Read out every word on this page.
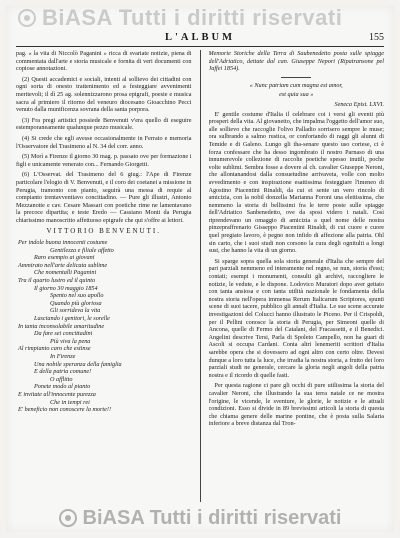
BiASA Tutti i diritti riservati
L'ALBUM	155

pag. « la vita di Niccolò Paganini » ricca di svariate notizie, piena di commentata dall'arte e storia musicale e fornita di veri documenti con copiose annotazioni.

(2) Questi accademici e sociali, intenti al sollievo dei cittadini con ogni sorta di onesto trattenimento ed a festeggiare avvenimenti meritevoli; il dì 25 ag. solennizzarono prosa epigrafi, poesie e musica sacra al primiero il ritorno del veneuro diocesano Gioacchino Pecci venuto dalla munificenza sovrana della santa porpora.

(3) Fra pregi artistici possiede Benvenuti v'era quello di eseguire estemporaneamente qualunque pezzo musicale.

(4) Si crede che egli avesse occasionalmente in Ferrato e memoria l'Osservatore del Trasimeno al N. 34 del corr. anno.

(5) Morì a Firenze il giorno 30 mag. p. passato ove per formazione i figli e unicamente venerato con... Fernando Giorgetti.

(6) L'Osservat. del Trasimeno del 6 giug.: l'Ape di Firenze particolare l'elogio di V. Benvenuti, e il coro dei coetanei a missione in Perugia, tramonto con pianto, seguirà una messa di requie al compianto trentavventiavo concittadino. — Pure gli illustri, Antonio Mezzanotte e cav. Cesare Massari con poetiche rime ne lamentavano la precoce dipartita; e teste Eredo — Cassiano Monti da Perugia chiarissimo manoscritto affettuoso epigrafe che qui s'offre ai lettori.

VITTORIO BENVENUTI.
Per indole buona innocenti costume
Gentilezza e filiale affetto
Raro esempio ai giovani
Ammirato nell'arte delicata sublime
Che nomentalli Paganini
Tra il quarto lustro ed il quinto
Il giorno 30 maggio 1854
Spento nel suo apollo
Quando più gloriosa
Gli sorrideva la vita
Lasciando i genitori, le sorelle
In tanta inconsolabile amaritudine
Da fare sei concittadini
Più viva la pena
Al rimpianto caro che estinse
In Firenze
Una nobile speranza della famiglia
E della patria comune!
O afflitto
Ponete modo al pianto
E invitate all'innocente purezza
Che in tempi rei
E' beneficio non conoscere la morte!!

Memorie Storiche della Terra di Saubenedetto posta sulle spiagge dell'Adriatico, dettate dal can. Giuseppe Nepori (Ripatransone pel Jaffei 1854).

« Nunc patriam cum magna est amor,
est quia sua »
Seneca Epist. LXVI.

E' gentile costume d'Italia il celebrare coi i versi gli eventi più prosperi della vita. Al giovanetto, che impalma l'oggetto dell'amor suo, alle sollievo che raccoglie l'olivo Palladio sorrisero sempre le muse; ora sulbrando a salmo rustica, or confortando di raggi gli alunni di Temide e di Galeno. Lungo gli tha-senare questo uso cortese, ci è forza confessare che ha desso ingombrato il nostro Parnaso di una innumerevole collezione di raccolte poetiche spesso inutili, poche volte sublimi. Sembra fosse a dovere al ch. cavalier Giuseppe Neroni, che allontanandosi dalla consuetudine arrivaveta, volle con molto avvedimento e con inspirazione esattissima festeggiare l'imeneo di Agostino Piacentini Rinaldi, da cui ei sente un vero rincolo di amicizia, con la nobil donzella Marianna Foroni una elettissima, che nemmeno la storia di bellissimi fra le terre poste sulle spiagge dell'Adriatico Sanbenedetto, ove da sposi videro i natali. Così riprendevano un omaggio di amicizia a quel nome delle nostra pinzepraffrenario Gisseppo Piacentini Rinaldi, di cui cuore e cuore quel pregiato lavoro, è pegno non infido di affezione alla patria. Ohl sin carto, che i suoi studi non corsono la cura degli ognitulti a longi sust, che hanno la vita di un giorno.

Si sparge sopra quella sola storia generale d'Italia che sempre del pari parziali nemmeno ed interamente nel regno, se nun, storia d'essi; contati; esempi i monumenti, consulti gli archivi, raccogliere le notizie, le vedute, e le dispone. Lodovico Muratori dopo aver gettato con tanta ansiosa e con tanta utilità nazionale le fondamenta della nostra storia nell'opera immensa Rerum Italicarum Scriptores, spunti scene di suoi tacere, pubblico gli annali d'Italia. Le sue scene accurate investigazioni del Colucci hanno illustrato le Piceno. Per il Crispoldi, per il Pellini conosce la storia di Perugia, per Simeoni quelle di Ancona, quelle di Fermo del Catalani, del Fracassetti, e il Benedici. Angelini descrive Tersi, Parla di Spoleto Campello, non ha guari di Ascoli si occupa Cardani. Conta altri lenemeriti scrittori d'Italia sarebbe opera che si dovessero ad ogni altro con certo oltre. Devesi dunque a loro tutta la luce, che irradia la nostra storia, a frutto dei loro parziali studi ne generale, cercare la gloria negli angoli della patria nostra e il ricordo di quelle fasti.

Per questa ragione ci pare gli occhi di pure utilissima la storia del cavalier Neroni, che illustrando la sua terra natale ce ne mostra l'origine, le vicende, le sventure, le glorie, le notizie e le attuali condizioni. Esso si divide in 89 brevissimi articoli la storia di questa che chiama genere delle marine pontine, che è posta sulla Salaria inferiore a breve distanza dal Tron-

BiASA Tutti i diritti riservati
